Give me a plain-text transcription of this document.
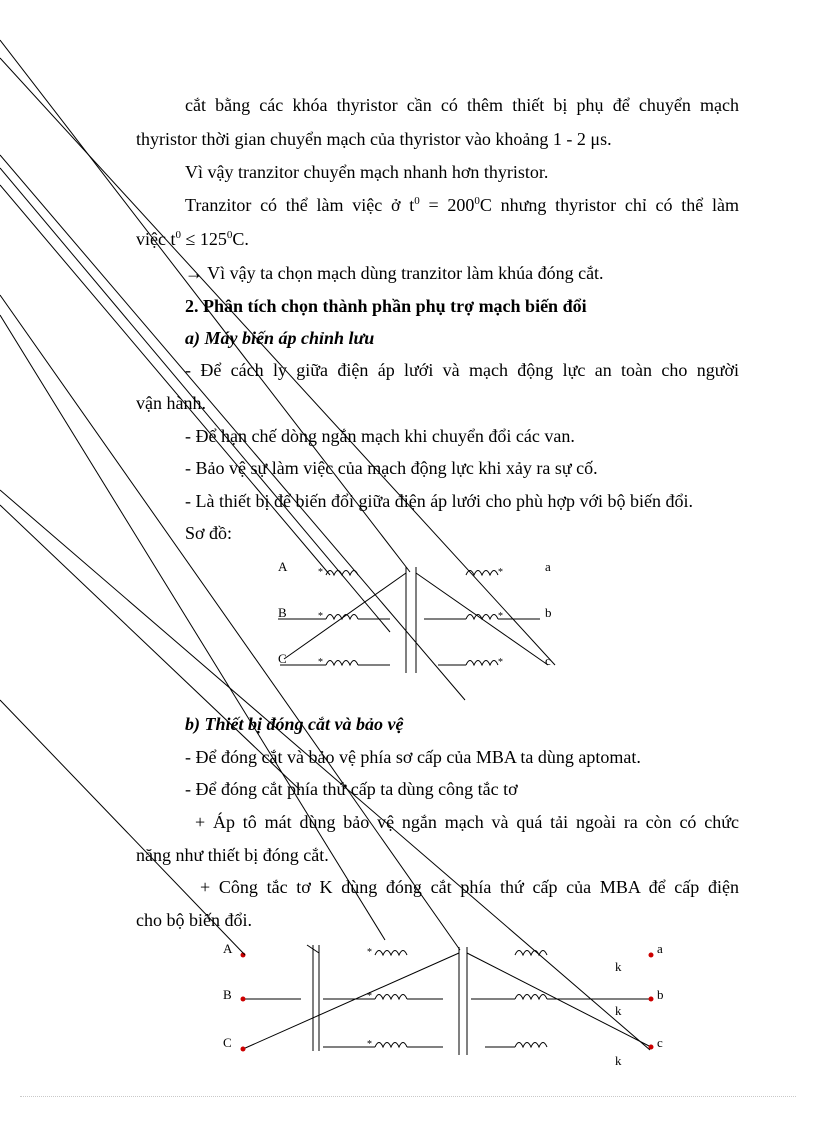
cắt bằng các khóa thyristor cần có thêm thiết bị phụ để chuyển mạch
thyristor thời gian chuyển mạch của thyristor vào khoảng 1 - 2 μs.
Vì vậy tranzitor chuyển mạch nhanh hơn thyristor.
Tranzitor có thể làm việc ở $t^0 = 200^0C$ nhưng thyristor chỉ có thể làm
việc $t^0 \le 125^0C$.
→ Vì vậy ta chọn mạch dùng tranzitor làm khúa đóng cắt.
2. Phân tích chọn thành phần phụ trợ mạch biến đổi
a) Máy biến áp chỉnh lưu
- Để cách ly giữa điện áp lưới và mạch động lực an toàn cho người
vận hành.
- Để hạn chế dòng ngắn mạch khi chuyển đổi các van.
- Bảo vệ sự làm việc của mạch động lực khi xảy ra sự cố.
- Là thiết bị để biến đổi giữa điện áp lưới cho phù hợp với bộ biến đổi.
Sơ đồ:
*
*
*
*
*
*
A
B
C
a
b
c
b) Thiết bị đóng cắt và bảo vệ
- Để đóng cắt và bảo vệ phía sơ cấp của MBA ta dùng aptomat.
- Để đóng cắt phía thứ cấp ta dùng công tắc tơ
+ Áp tô mát dùng bảo vệ ngắn mạch và quá tải ngoài ra còn có chức
năng như thiết bị đóng cắt.
+ Công tắc tơ K dùng đóng cắt phía thứ cấp của MBA để cấp điện
cho bộ biến đổi.
*
*
*
A
B
C
a
b
c
k
k
k
